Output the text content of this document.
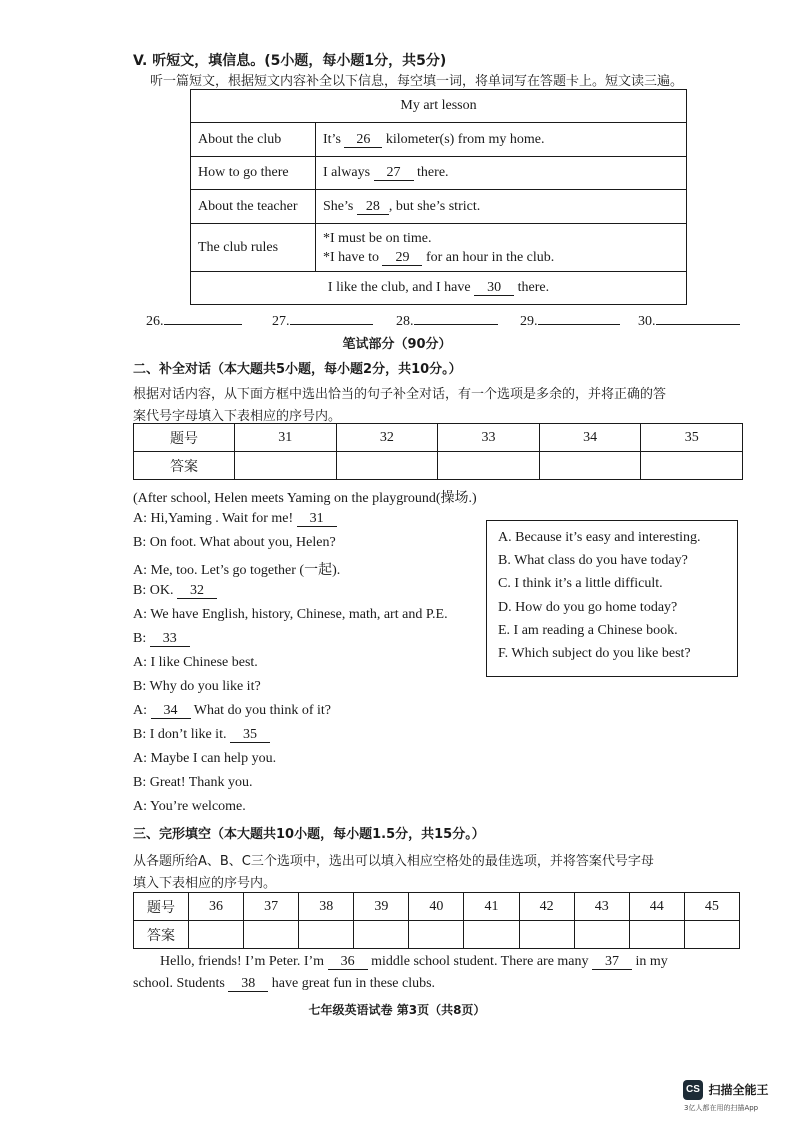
V. 听短文，填信息。(5小题，每小题1分，共5分)
听一篇短文，根据短文内容补全以下信息，每空填一词，将单词写在答题卡上。短文读三遍。
My art lesson	
About the club	It’s 26 kilometer(s) from my home.
How to go there	I always 27 there.
About the teacher	She’s 28 , but she’s strict.
The club rules	*I must be on time.
*I have to 29 for an hour in the club.

I like the club, and I have 30 there.	
26.	27.	28.	29.	30.
笔试部分（90分）
二、补全对话（本大题共5小题，每小题2分，共10分。）
根据对话内容，从下面方框中选出恰当的句子补全对话，有一个选项是多余的，并将正确的答
案代号字母填入下表相应的序号内。
题号	31	32	33	34	35
答案					
(After school, Helen meets Yaming on the playground(操场.)
A: Hi,Yaming . Wait for me! 31
B: On foot. What about you, Helen?
A: Me, too. Let’s go together (一起).
B: OK. 32
A: We have English, history, Chinese, math, art and P.E.
B: 33
A: I like Chinese best.
B: Why do you like it?
A: 34 What do you think of it?
B: I don’t like it. 35
A: Maybe I can help you.
B: Great! Thank you.
A: You’re welcome.
A. Because it’s easy and interesting.
B. What class do you have today?
C. I think it’s a little difficult.
D. How do you go home today?
E. I am reading a Chinese book.
F. Which subject do you like best?
三、完形填空（本大题共10小题，每小题1.5分，共15分。）
从各题所给A、B、C三个选项中，选出可以填入相应空格处的最佳选项，并将答案代号字母
填入下表相应的序号内。
题号	36	37	38	39	40	41	42	43	44	45
答案										
Hello, friends! I’m Peter. I’m 36 middle school student. There are many 37 in my
school. Students 38 have great fun in these clubs.
七年级英语试卷 第3页（共8页）
CS 扫描全能王
3亿人都在用的扫描App
